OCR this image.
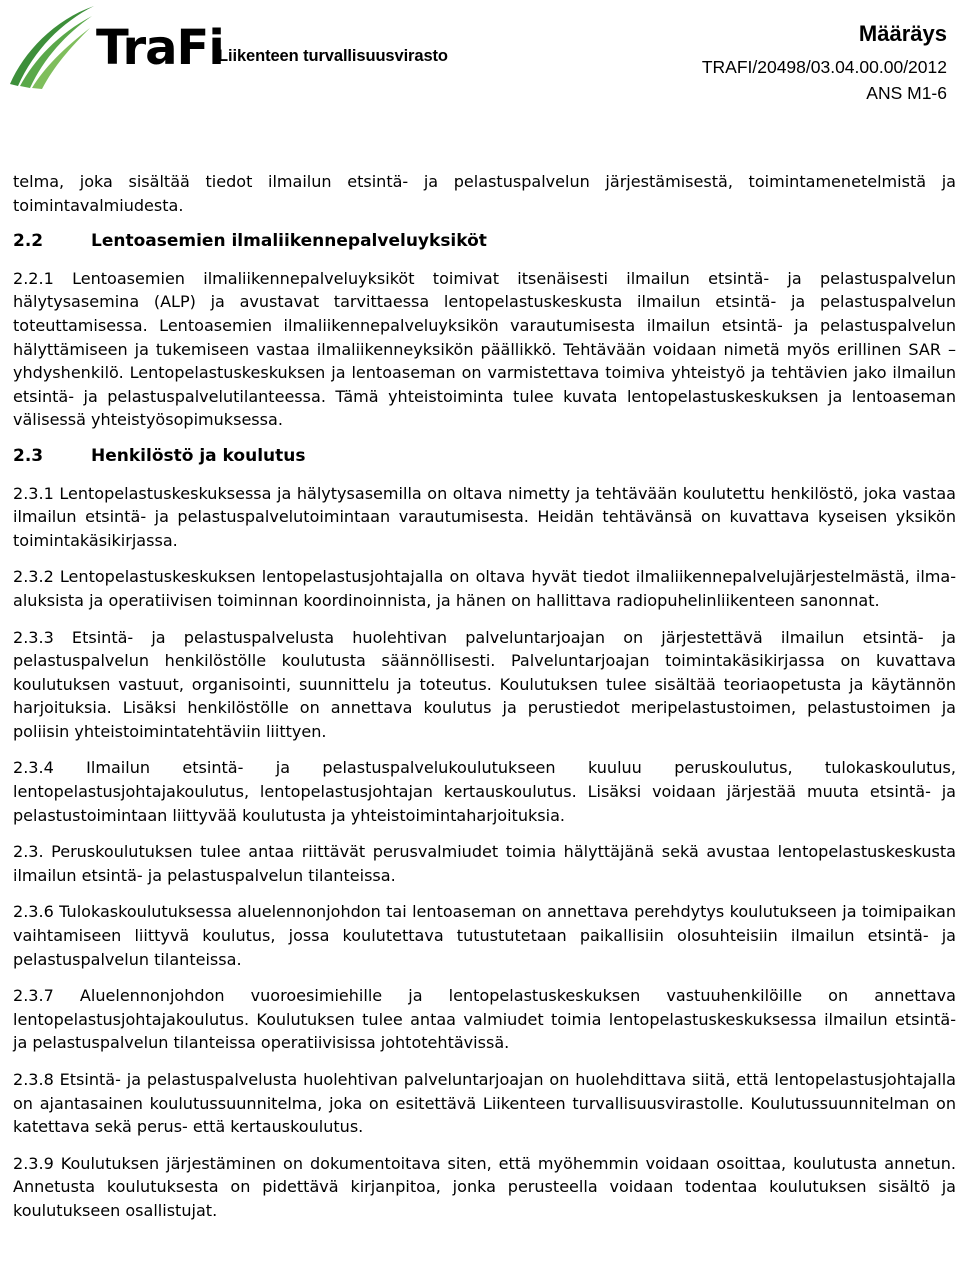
TraFi
Liikenteen turvallisuusvirasto
Määräys
TRAFI/20498/03.04.00.00/2012
ANS M1-6

telma, joka sisältää tiedot ilmailun etsintä- ja pelastuspalvelun järjestämisestä, toimintamenetelmistä ja toimintavalmiudesta.

2.2	Lentoasemien ilmaliikennepalveluyksiköt

2.2.1 Lentoasemien ilmaliikennepalveluyksiköt toimivat itsenäisesti ilmailun etsintä- ja pelastuspalvelun hälytysasemina (ALP) ja avustavat tarvittaessa lentopelastuskeskusta ilmailun etsintä- ja pelastuspalvelun toteuttamisessa. Lentoasemien ilmaliikennepalveluyksikön varautumisesta ilmailun etsintä- ja pelastuspalvelun hälyttämiseen ja tukemiseen vastaa ilmaliikenneyksikön päällikkö. Tehtävään voidaan nimetä myös erillinen SAR –yhdyshenkilö. Lentopelastuskeskuksen ja lentoaseman on varmistettava toimiva yhteistyö ja tehtävien jako ilmailun etsintä- ja pelastuspalvelutilanteessa. Tämä yhteistoiminta tulee kuvata lentopelastuskeskuksen ja lentoaseman välisessä yhteistyösopimuksessa.

2.3	Henkilöstö ja koulutus

2.3.1 Lentopelastuskeskuksessa ja hälytysasemilla on oltava nimetty ja tehtävään koulutettu henkilöstö, joka vastaa ilmailun etsintä- ja pelastuspalvelutoimintaan varautumisesta. Heidän tehtävänsä on kuvattava kyseisen yksikön toimintakäsikirjassa.

2.3.2 Lentopelastuskeskuksen lentopelastusjohtajalla on oltava hyvät tiedot ilmaliikennepalvelujärjestelmästä, ilma-aluksista ja operatiivisen toiminnan koordinoinnista, ja hänen on hallittava radiopuhelinliikenteen sanonnat.

2.3.3 Etsintä- ja pelastuspalvelusta huolehtivan palveluntarjoajan on järjestettävä ilmailun etsintä- ja pelastuspalvelun henkilöstölle koulutusta säännöllisesti. Palveluntarjoajan toimintakäsikirjassa on kuvattava koulutuksen vastuut, organisointi, suunnittelu ja toteutus. Koulutuksen tulee sisältää teoriaopetusta ja käytännön harjoituksia. Lisäksi henkilöstölle on annettava koulutus ja perustiedot meripelastustoimen, pelastustoimen ja poliisin yhteistoimintatehtäviin liittyen.

2.3.4 Ilmailun etsintä- ja pelastuspalvelukoulutukseen kuuluu peruskoulutus, tulokaskoulutus, lentopelastusjohtajakoulutus, lentopelastusjohtajan kertauskoulutus. Lisäksi voidaan järjestää muuta etsintä- ja pelastustoimintaan liittyvää koulutusta ja yhteistoimintaharjoituksia.

2.3. Peruskoulutuksen tulee antaa riittävät perusvalmiudet toimia hälyttäjänä sekä avustaa lentopelastuskeskusta ilmailun etsintä- ja pelastuspalvelun tilanteissa.

2.3.6 Tulokaskoulutuksessa aluelennonjohdon tai lentoaseman on annettava perehdytys koulutukseen ja toimipaikan vaihtamiseen liittyvä koulutus, jossa koulutettava tutustutetaan paikallisiin olosuhteisiin ilmailun etsintä- ja pelastuspalvelun tilanteissa.

2.3.7 Aluelennonjohdon vuoroesimiehille ja lentopelastuskeskuksen vastuuhenkilöille on annettava lentopelastusjohtajakoulutus. Koulutuksen tulee antaa valmiudet toimia lentopelastuskeskuksessa ilmailun etsintä- ja pelastuspalvelun tilanteissa operatiivisissa johtotehtävissä.

2.3.8 Etsintä- ja pelastuspalvelusta huolehtivan palveluntarjoajan on huolehdittava siitä, että lentopelastusjohtajalla on ajantasainen koulutussuunnitelma, joka on esitettävä Liikenteen turvallisuusvirastolle. Koulutussuunnitelman on katettava sekä perus- että kertauskoulutus.

2.3.9 Koulutuksen järjestäminen on dokumentoitava siten, että myöhemmin voidaan osoittaa, koulutusta annetun. Annetusta koulutuksesta on pidettävä kirjanpitoa, jonka perusteella voidaan todentaa koulutuksen sisältö ja koulutukseen osallistujat.
